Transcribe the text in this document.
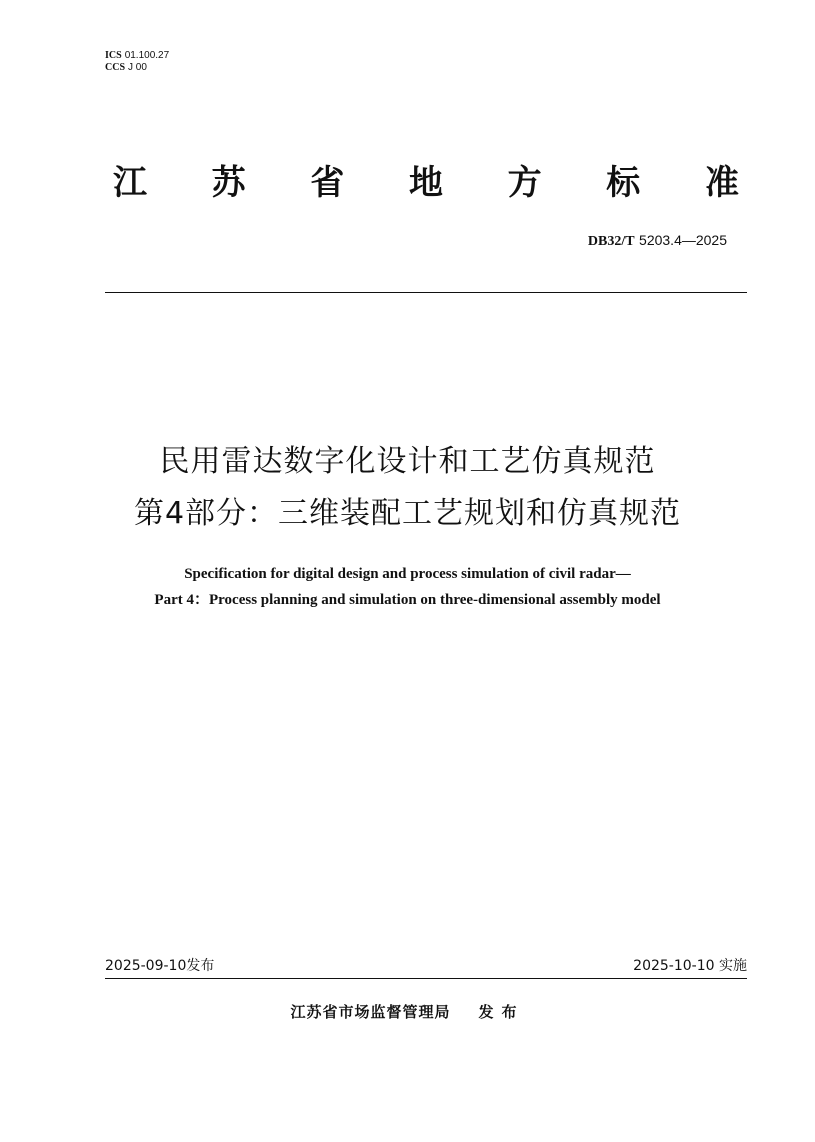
ICS 01.100.27
CCS J 00
江 苏 省 地 方 标 准
DB32/T 5203.4—2025
民用雷达数字化设计和工艺仿真规范
第4部分：三维装配工艺规划和仿真规范
Specification for digital design and process simulation of civil radar—
Part 4：Process planning and simulation on three-dimensional assembly model
2025-09-10发布	2025-10-10 实施
江苏省市场监督管理局 发布
